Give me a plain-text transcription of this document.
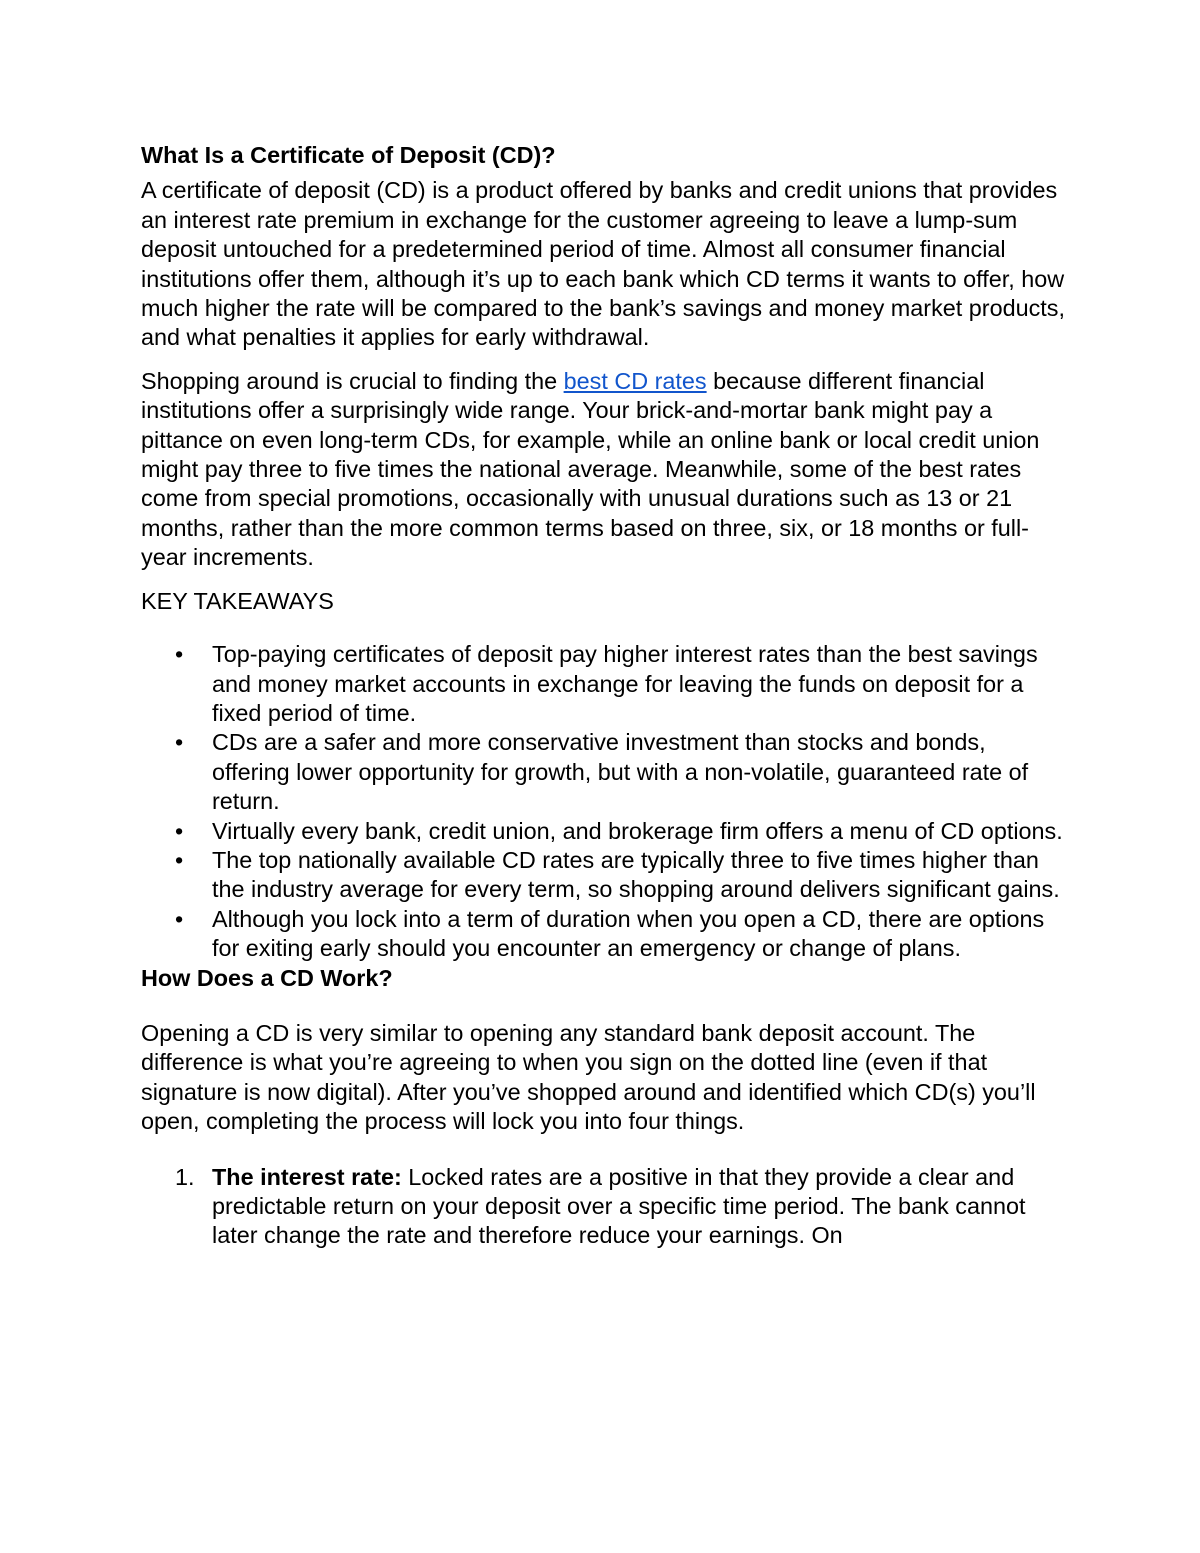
What Is a Certificate of Deposit (CD)?

A certificate of deposit (CD) is a product offered by banks and credit unions that provides an interest rate premium in exchange for the customer agreeing to leave a lump-sum deposit untouched for a predetermined period of time. Almost all consumer financial institutions offer them, although it’s up to each bank which CD terms it wants to offer, how much higher the rate will be compared to the bank’s savings and money market products, and what penalties it applies for early withdrawal.

Shopping around is crucial to finding the best CD rates because different financial institutions offer a surprisingly wide range. Your brick-and-mortar bank might pay a pittance on even long-term CDs, for example, while an online bank or local credit union might pay three to five times the national average. Meanwhile, some of the best rates come from special promotions, occasionally with unusual durations such as 13 or 21 months, rather than the more common terms based on three, six, or 18 months or full-year increments.

KEY TAKEAWAYS
• Top-paying certificates of deposit pay higher interest rates than the best savings and money market accounts in exchange for leaving the funds on deposit for a fixed period of time.
• CDs are a safer and more conservative investment than stocks and bonds, offering lower opportunity for growth, but with a non-volatile, guaranteed rate of return.
• Virtually every bank, credit union, and brokerage firm offers a menu of CD options.
• The top nationally available CD rates are typically three to five times higher than the industry average for every term, so shopping around delivers significant gains.
• Although you lock into a term of duration when you open a CD, there are options for exiting early should you encounter an emergency or change of plans.
How Does a CD Work?
Opening a CD is very similar to opening any standard bank deposit account. The difference is what you’re agreeing to when you sign on the dotted line (even if that signature is now digital). After you’ve shopped around and identified which CD(s) you’ll open, completing the process will lock you into four things.
1. The interest rate: Locked rates are a positive in that they provide a clear and predictable return on your deposit over a specific time period. The bank cannot later change the rate and therefore reduce your earnings. On
